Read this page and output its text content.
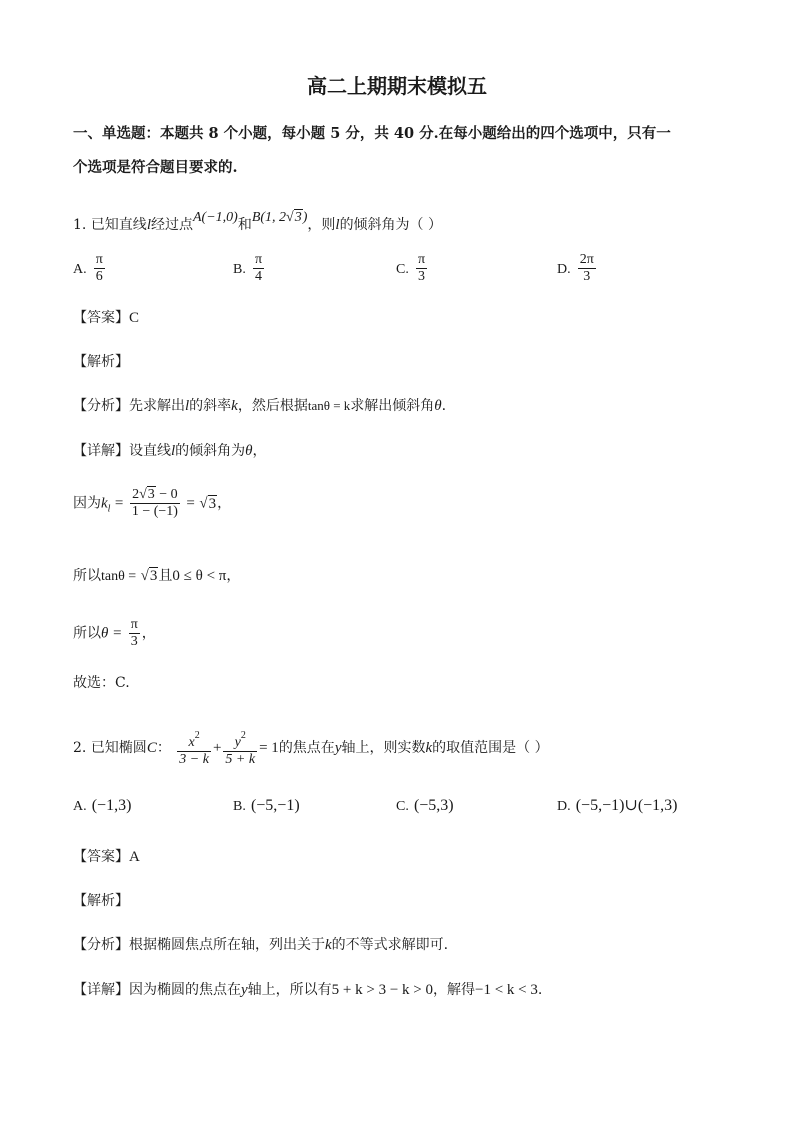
高二上期期末模拟五
一、单选题：本题共 8 个小题，每小题 5 分，共 40 分.在每小题给出的四个选项中，只有一
个选项是符合题目要求的.
1. 已知直线l经过点A(−1,0)和B(1, 2√3)，则l的倾斜角为（ ）
A. $\frac{\pi}{6}$	B. $\frac{\pi}{4}$	C. $\frac{\pi}{3}$	D. $\frac{2\pi}{3}$
【答案】C
【解析】
【分析】先求解出l的斜率k，然后根据tanθ = k求解出倾斜角θ.
【详解】设直线l的倾斜角为θ，
因为$k_l = \frac{2√3 - 0}{1 - (-1)} = √3$，
所以tanθ = √3且0 ≤ θ < π，
所以$\theta = \frac{\pi}{3}$ ，
故选：C.
2. 已知椭圆C： $\frac{x^2}{3 - k} + \frac{y^2}{5 + k} = 1$的焦点在y轴上，则实数k的取值范围是（ ）
A. (−1,3)	B. (−5,−1)	C. (−5,3)	D. (−5,−1)∪(−1,3)
【答案】A
【解析】
【分析】根据椭圆焦点所在轴，列出关于k的不等式求解即可.
【详解】因为椭圆的焦点在y轴上，所以有5 + k > 3 − k > 0，解得−1 < k < 3.
